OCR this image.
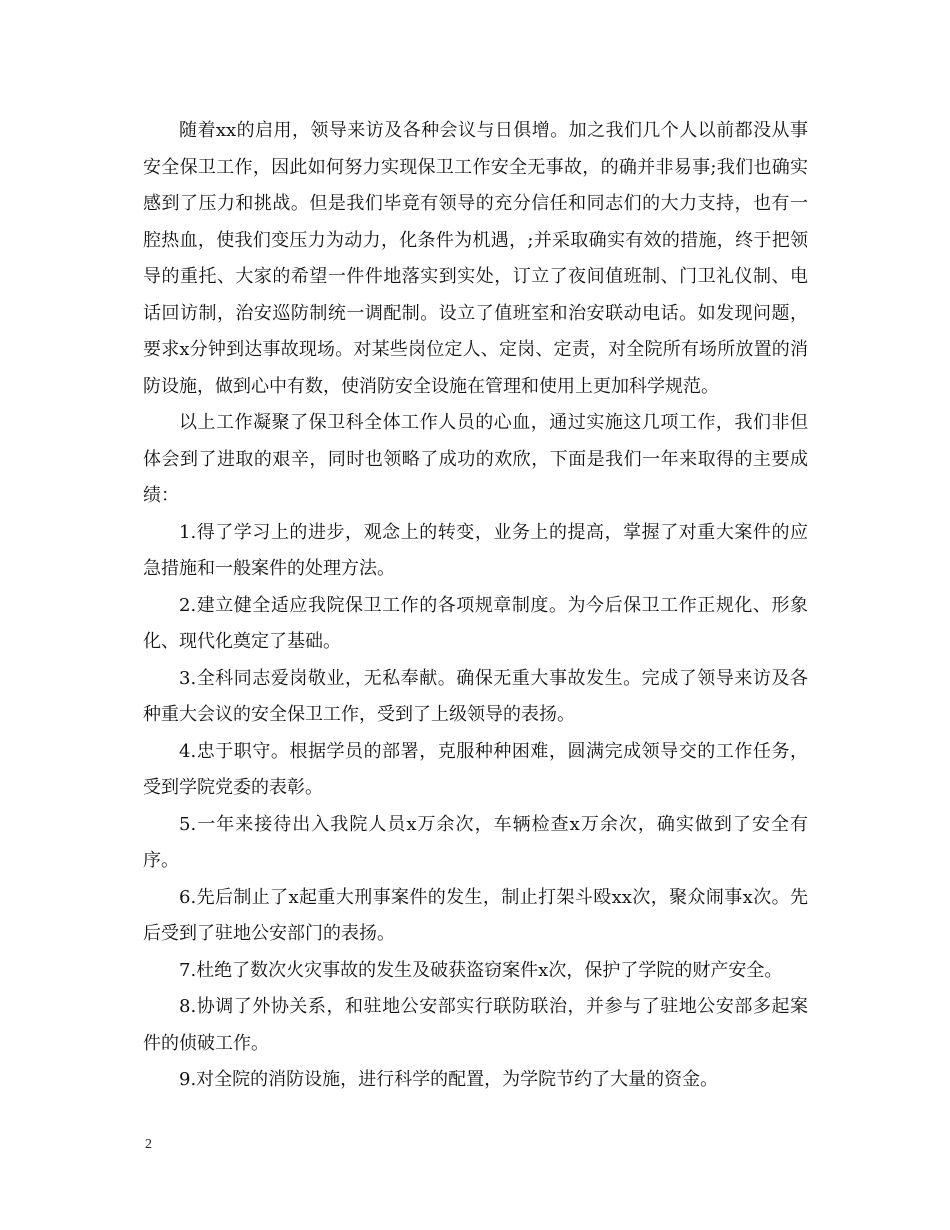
随着xx的启用，领导来访及各种会议与日俱增。加之我们几个人以前都没从事安全保卫工作，因此如何努力实现保卫工作安全无事故，的确并非易事;我们也确实感到了压力和挑战。但是我们毕竟有领导的充分信任和同志们的大力支持，也有一腔热血，使我们变压力为动力，化条件为机遇，;并采取确实有效的措施，终于把领导的重托、大家的希望一件件地落实到实处，订立了夜间值班制、门卫礼仪制、电话回访制，治安巡防制统一调配制。设立了值班室和治安联动电话。如发现问题，要求x分钟到达事故现场。对某些岗位定人、定岗、定责，对全院所有场所放置的消防设施，做到心中有数，使消防安全设施在管理和使用上更加科学规范。

以上工作凝聚了保卫科全体工作人员的心血，通过实施这几项工作，我们非但体会到了进取的艰辛，同时也领略了成功的欢欣，下面是我们一年来取得的主要成绩：

1.得了学习上的进步，观念上的转变，业务上的提高，掌握了对重大案件的应急措施和一般案件的处理方法。

2.建立健全适应我院保卫工作的各项规章制度。为今后保卫工作正规化、形象化、现代化奠定了基础。

3.全科同志爱岗敬业，无私奉献。确保无重大事故发生。完成了领导来访及各种重大会议的安全保卫工作，受到了上级领导的表扬。

4.忠于职守。根据学员的部署，克服种种困难，圆满完成领导交的工作任务，受到学院党委的表彰。

5.一年来接待出入我院人员x万余次，车辆检查x万余次，确实做到了安全有序。

6.先后制止了x起重大刑事案件的发生，制止打架斗殴xx次，聚众闹事x次。先后受到了驻地公安部门的表扬。

7.杜绝了数次火灾事故的发生及破获盗窃案件x次，保护了学院的财产安全。

8.协调了外协关系，和驻地公安部实行联防联治，并参与了驻地公安部多起案件的侦破工作。

9.对全院的消防设施，进行科学的配置，为学院节约了大量的资金。

2
